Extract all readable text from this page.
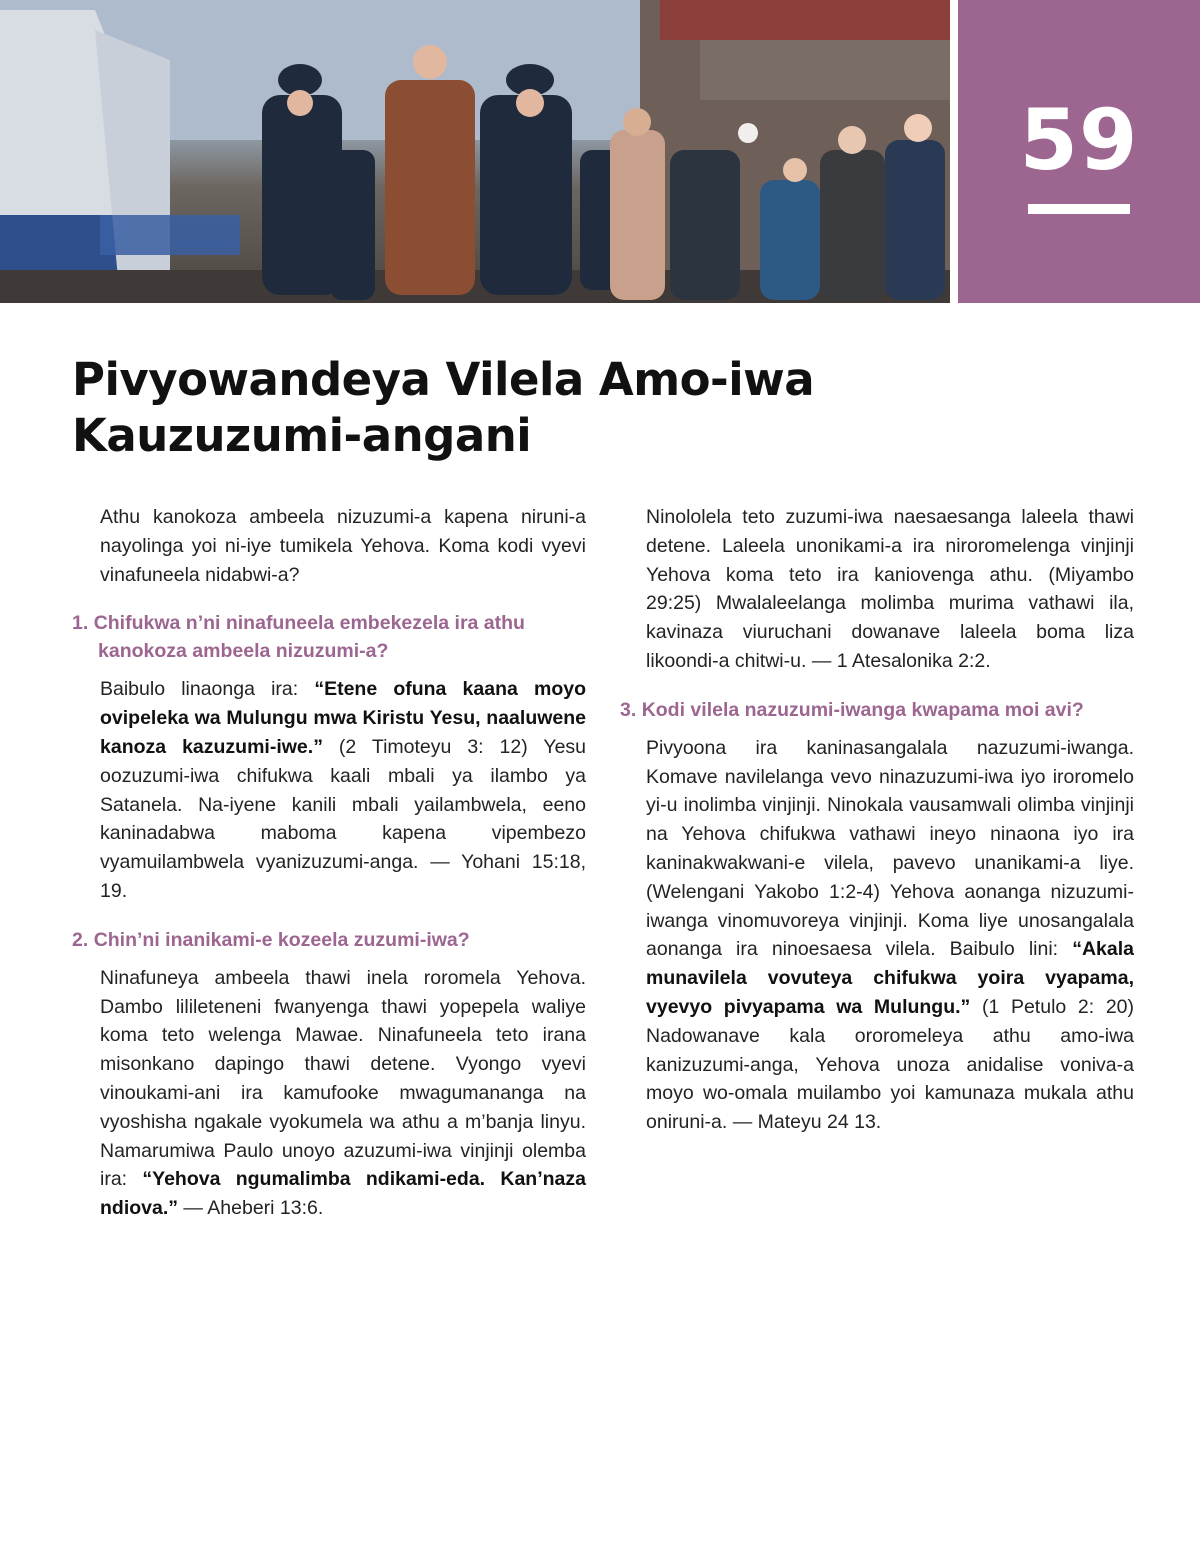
59
Pivyowandeya Vilela Amo-iwa
Kauzuzumi-angani

Athu kanokoza ambeela nizuzumi-a kapena niruni-a nayolinga yoi ni-iye tumikela Yehova. Koma kodi vyevi vinafuneela nidabwi-a?

1. Chifukwa n’ni ninafuneela embekezela ira athu kanokoza ambeela nizuzumi-a?

Baibulo linaonga ira: “Etene ofuna kaana moyo ovipeleka wa Mulungu mwa Kiristu Yesu, naaluwene kanoza kazuzumi-iwe.” (2 Timoteyu 3: 12) Yesu oozuzumi-iwa chifukwa kaali mbali ya ilambo ya Satanela. Na-iyene kanili mbali yailambwela, eeno kaninadabwa maboma kapena vipembezo vyamuilambwela vyanizuzumi-anga. — Yohani 15:18, 19.

2. Chin’ni inanikami-e kozeela zuzumi-iwa?

Ninafuneya ambeela thawi inela roromela Yehova. Dambo lilileteneni fwanyenga thawi yopepela waliye koma teto welenga Mawae. Ninafuneela teto irana misonkano dapingo thawi detene. Vyongo vyevi vinoukami-ani ira kamufooke mwagumananga na vyoshisha ngakale vyokumela wa athu a m’banja linyu. Namarumiwa Paulo unoyo azuzumi-iwa vinjinji olemba ira: “Yehova ngumalimba ndikami-eda. Kan’naza ndiova.” — Aheberi 13:6.

Ninololela teto zuzumi-iwa naesaesanga laleela thawi detene. Laleela unonikami-a ira niroromelenga vinjinji Yehova koma teto ira kaniovenga athu. (Miyambo 29:25) Mwalaleelanga molimba murima vathawi ila, kavinaza viuruchani dowanave laleela boma liza likoondi-a chitwi-u. — 1 Atesalonika 2:2.

3. Kodi vilela nazuzumi-iwanga kwapama moi avi?

Pivyoona ira kaninasangalala nazuzumi-iwanga. Komave navilelanga vevo ninazuzumi-iwa iyo iroromelo yi-u inolimba vinjinji. Ninokala vausamwali olimba vinjinji na Yehova chifukwa vathawi ineyo ninaona iyo ira kaninakwakwani-e vilela, pavevo unanikami-a liye. (Welengani Yakobo 1:2-4) Yehova aonanga nizuzumi-iwanga vinomuvoreya vinjinji. Koma liye unosangalala aonanga ira ninoesaesa vilela. Baibulo lini: “Akala munavilela vovuteya chifukwa yoira vyapama, vyevyo pivyapama wa Mulungu.” (1 Petulo 2: 20) Nadowanave kala ororomeleya athu amo-iwa kanizuzumi-anga, Yehova unoza anidalise voniva-a moyo wo-omala muilambo yoi kamunaza mukala athu oniruni-a. — Mateyu 24 13.
